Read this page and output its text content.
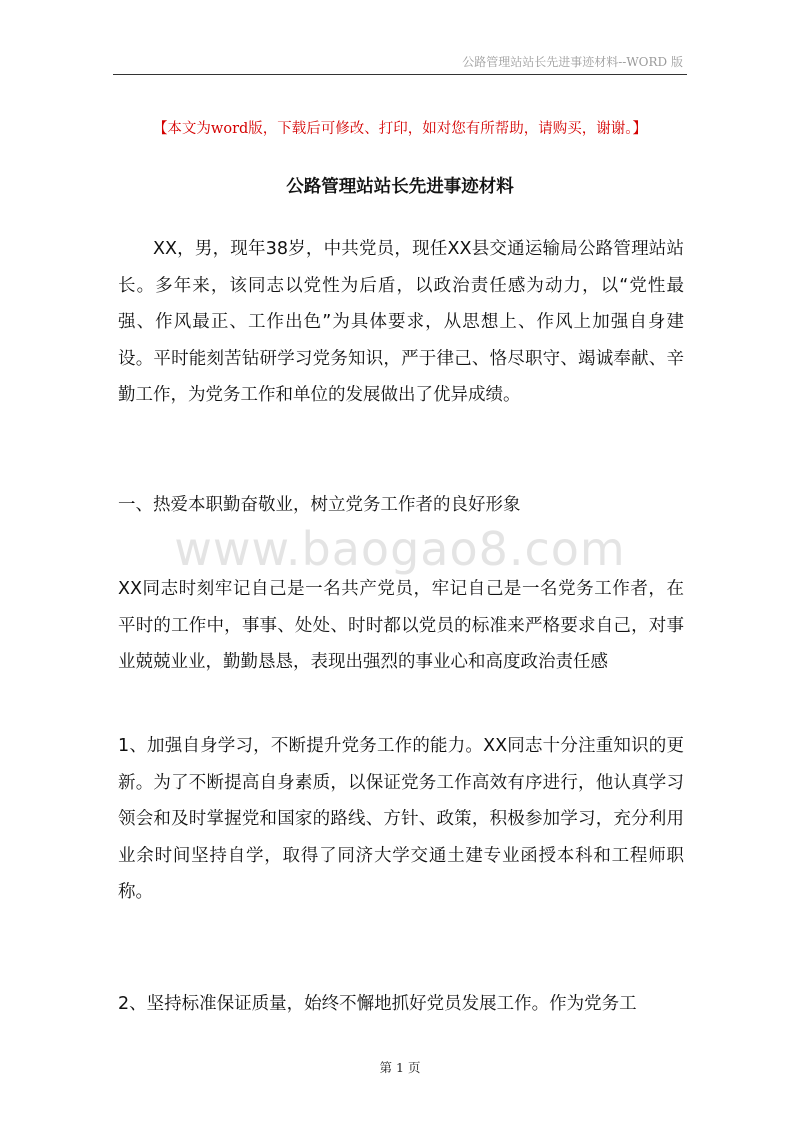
公路管理站站长先进事迹材料--WORD 版
【本文为word版，下载后可修改、打印，如对您有所帮助，请购买，谢谢。】
公路管理站站长先进事迹材料

XX，男，现年38岁，中共党员，现任XX县交通运输局公路管理站站长。多年来，该同志以党性为后盾，以政治责任感为动力，以“党性最强、作风最正、工作出色”为具体要求，从思想上、作风上加强自身建设。平时能刻苦钻研学习党务知识，严于律己、恪尽职守、竭诚奉献、辛勤工作，为党务工作和单位的发展做出了优异成绩。

一、热爱本职勤奋敬业，树立党务工作者的良好形象

www.baogao8.com

XX同志时刻牢记自己是一名共产党员，牢记自己是一名党务工作者，在平时的工作中，事事、处处、时时都以党员的标准来严格要求自己，对事业兢兢业业，勤勤恳恳，表现出强烈的事业心和高度政治责任感

1、加强自身学习，不断提升党务工作的能力。XX同志十分注重知识的更新。为了不断提高自身素质，以保证党务工作高效有序进行，他认真学习领会和及时掌握党和国家的路线、方针、政策，积极参加学习，充分利用业余时间坚持自学，取得了同济大学交通土建专业函授本科和工程师职称。

2、坚持标准保证质量，始终不懈地抓好党员发展工作。作为党务工

第 1 页
